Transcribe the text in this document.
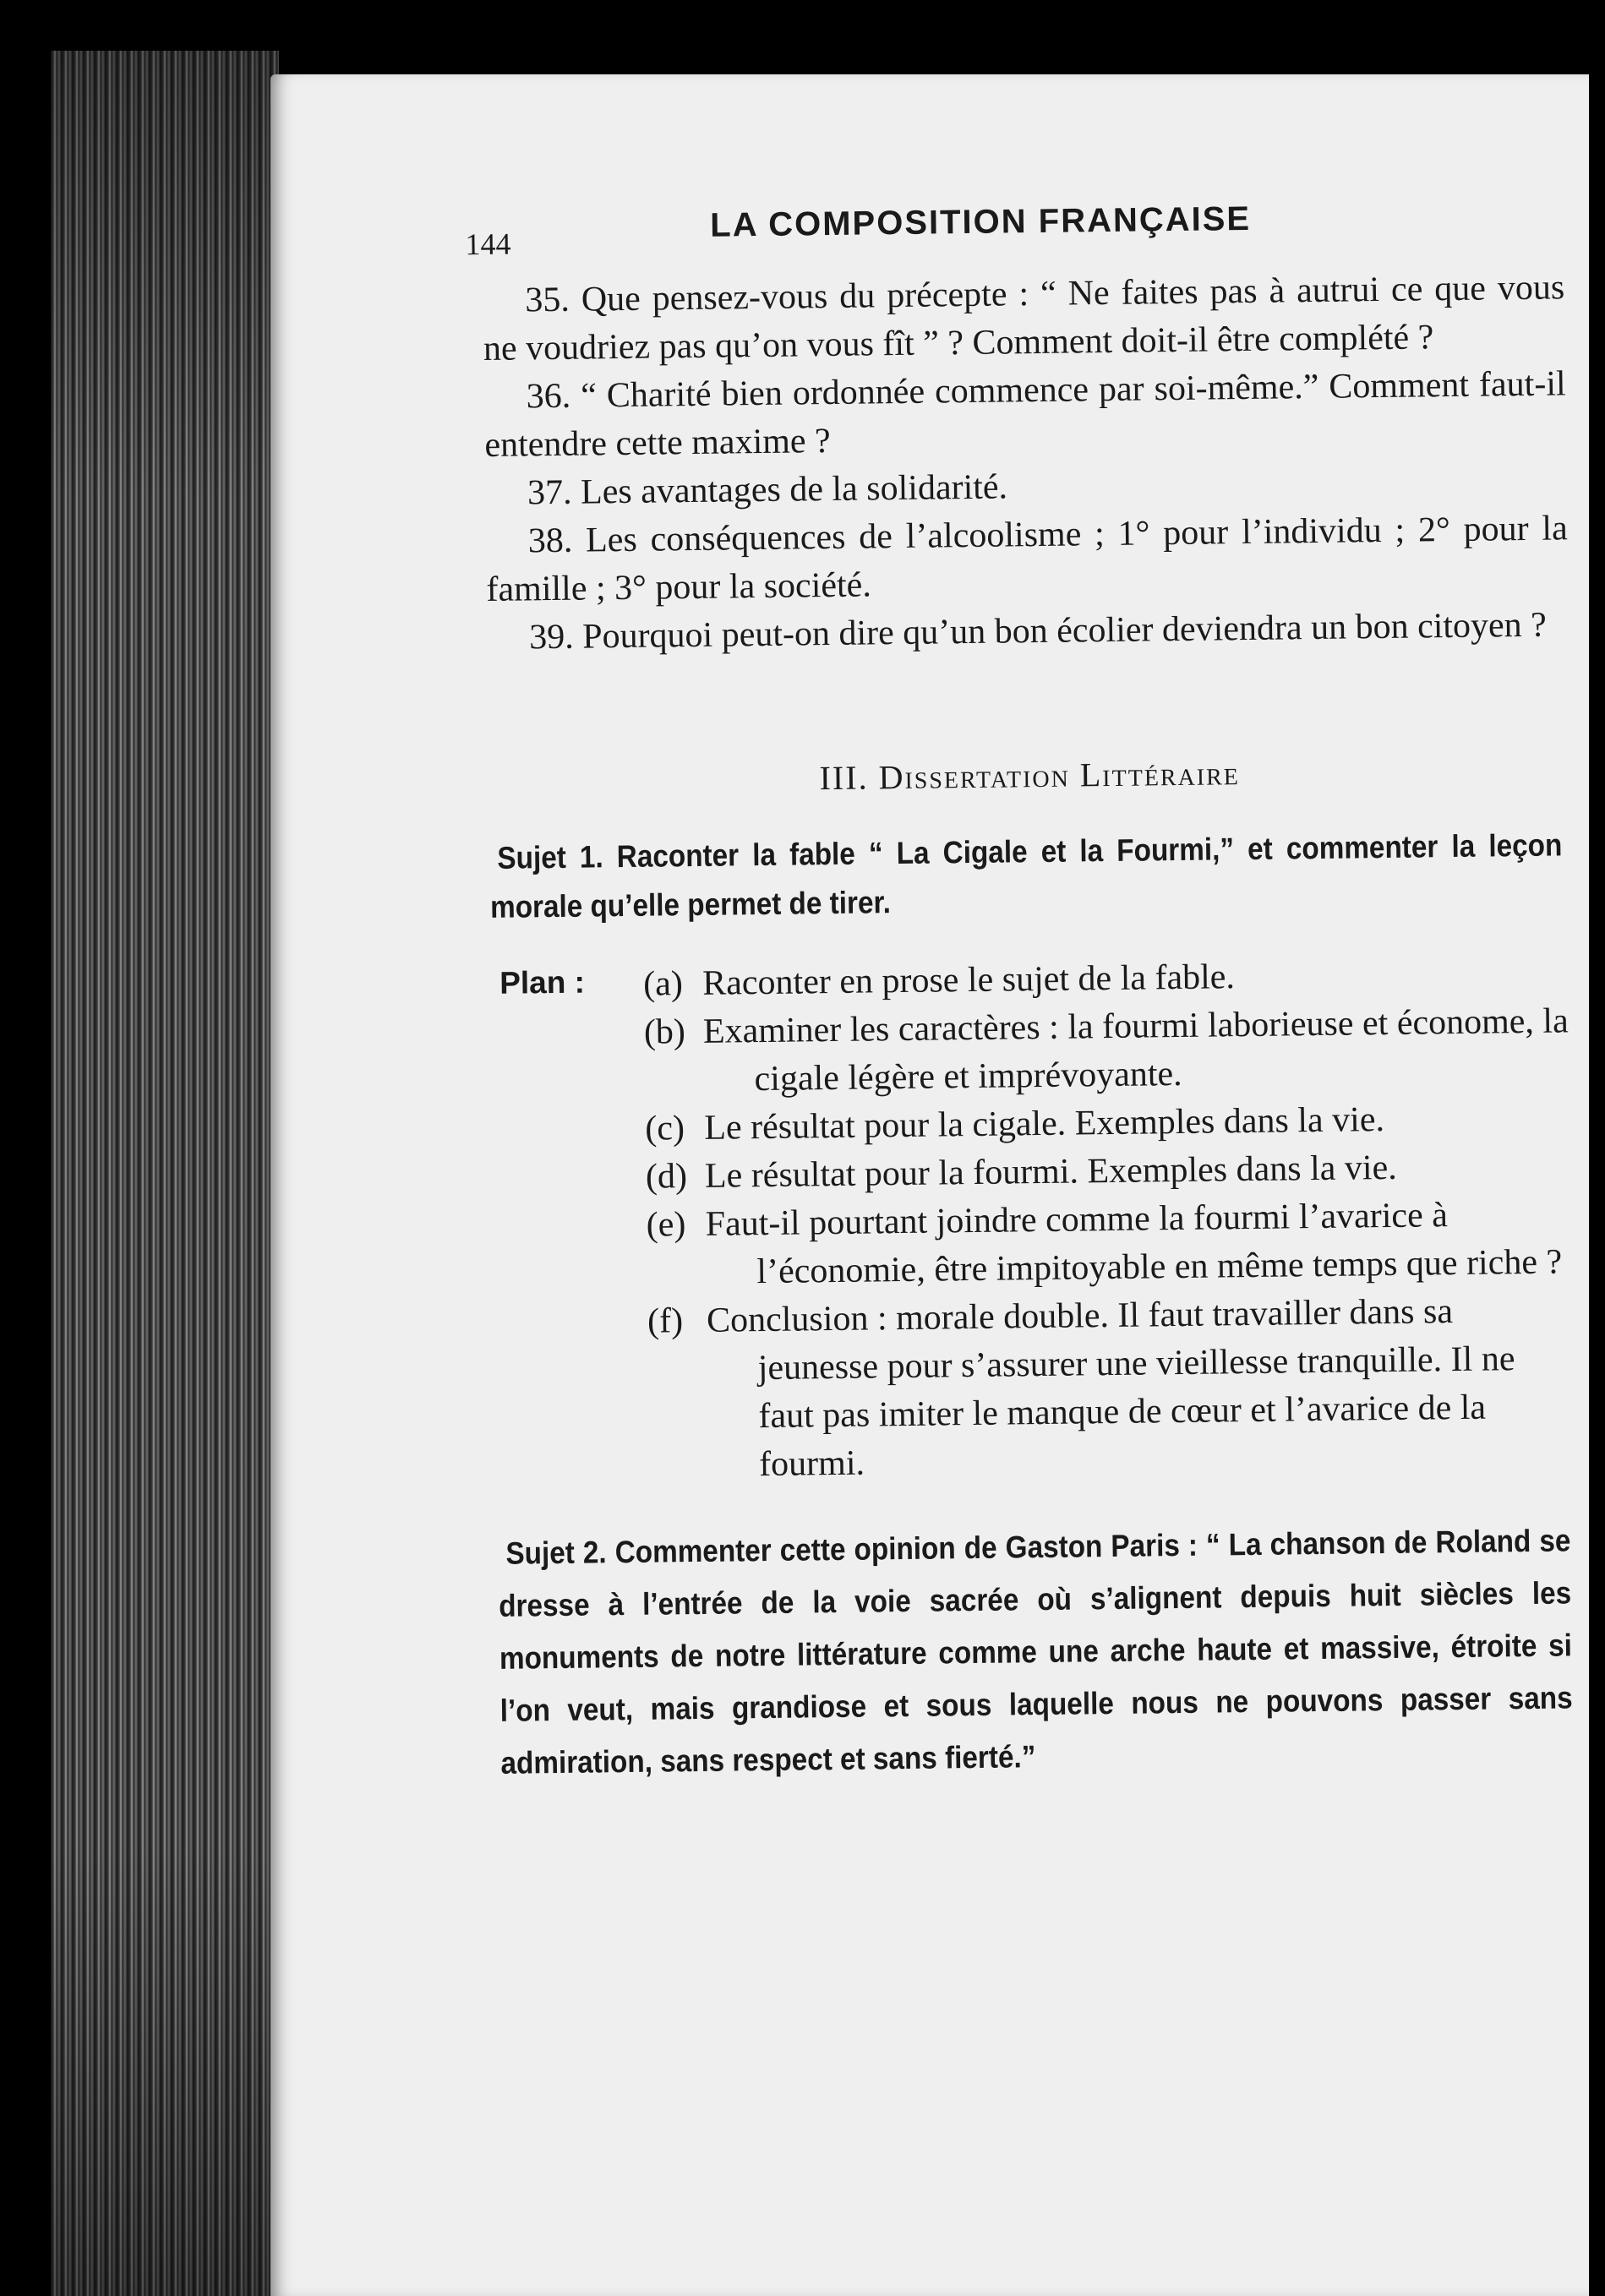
144
LA COMPOSITION FRANÇAISE

35. Que pensez-vous du précepte : “ Ne faites pas à autrui ce que vous ne voudriez pas qu’on vous fît ” ? Comment doit-il être complété ?

36. “ Charité bien ordonnée commence par soi-même.” Comment faut-il entendre cette maxime ?

37. Les avantages de la solidarité.

38. Les conséquences de l’alcoolisme ; 1° pour l’individu ; 2° pour la famille ; 3° pour la société.

39. Pourquoi peut-on dire qu’un bon écolier deviendra un bon citoyen ?

III. Dissertation Littéraire

Sujet 1. Raconter la fable “ La Cigale et la Fourmi,” et commenter la leçon morale qu’elle permet de tirer.

Plan : (a) Raconter en prose le sujet de la fable.
(b) Examiner les caractères : la fourmi laborieuse et économe, la cigale légère et imprévoyante.
(c) Le résultat pour la cigale. Exemples dans la vie.
(d) Le résultat pour la fourmi. Exemples dans la vie.
(e) Faut-il pourtant joindre comme la fourmi l’avarice à l’économie, être impitoyable en même temps que riche ?
(f) Conclusion : morale double. Il faut travailler dans sa jeunesse pour s’assurer une vieillesse tranquille. Il ne faut pas imiter le manque de cœur et l’avarice de la fourmi.

Sujet 2. Commenter cette opinion de Gaston Paris : “ La chanson de Roland se dresse à l’entrée de la voie sacrée où s’alignent depuis huit siècles les monuments de notre littérature comme une arche haute et massive, étroite si l’on veut, mais grandiose et sous laquelle nous ne pouvons passer sans admiration, sans respect et sans fierté.”
